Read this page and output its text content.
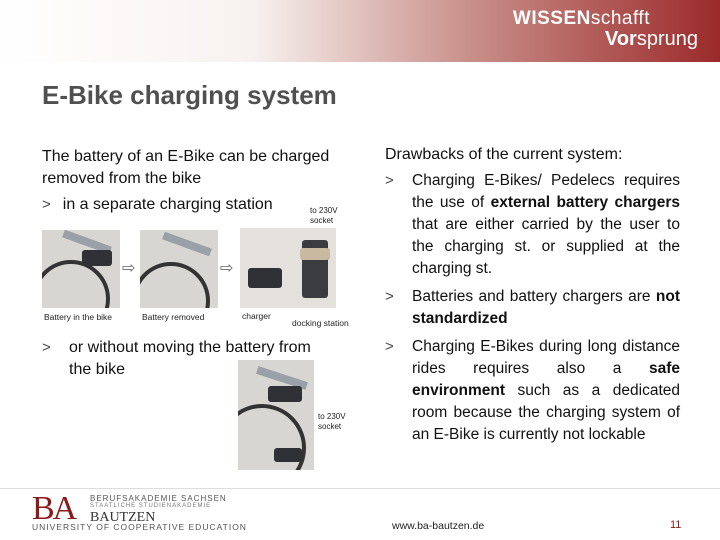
WISSENschafft
Vorsprung
E-Bike charging system
The battery of an E-Bike can be charged removed from the bike
> in a separate charging station	to 230V socket
⇨	⇨
Battery in the bike	Battery removed	charger
docking station
> or without moving the battery from the bike
to 230V socket
Drawbacks of the current system:
> Charging E-Bikes/ Pedelecs requires the use of external battery chargers that are either carried by the user to the charging st. or supplied at the charging st.
> Batteries and battery chargers are not standardized
> Charging E-Bikes during long distance rides requires also a safe environment such as a dedicated room because the charging system of an E-Bike is currently not lockable
BA BERUFSAKADEMIE SACHSEN
STAATLICHE STUDIENAKADEMIE
BAUTZEN
UNIVERSITY OF COOPERATIVE EDUCATION	www.ba-bautzen.de	11
